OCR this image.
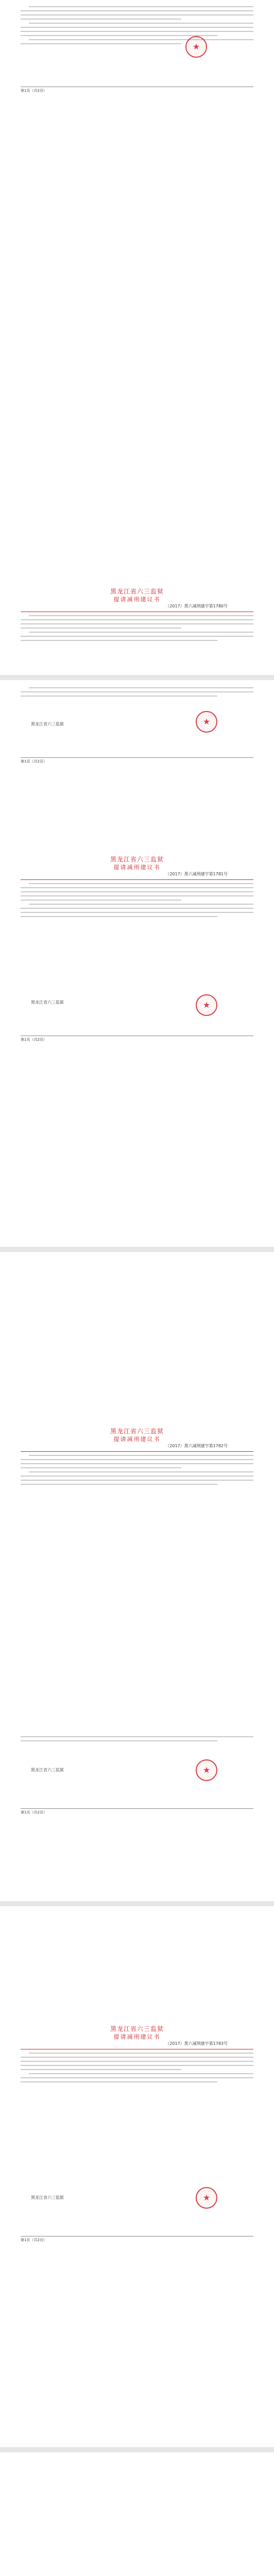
★
第1页（共2页）
黑龙江省六三监狱
提请减刑建议书
（2017）黑六减刑建字第1780号
黑龙江省六三监狱	★
第1页（共2页）
黑龙江省六三监狱
提请减刑建议书
（2017）黑六减刑建字第1781号
黑龙江省六三监狱	★
第1页（共2页）
黑龙江省六三监狱
提请减刑建议书
（2017）黑六减刑建字第1782号
黑龙江省六三监狱	★
第1页（共2页）
黑龙江省六三监狱
提请减刑建议书
（2017）黑六减刑建字第1783号
黑龙江省六三监狱	★
第1页（共2页）
